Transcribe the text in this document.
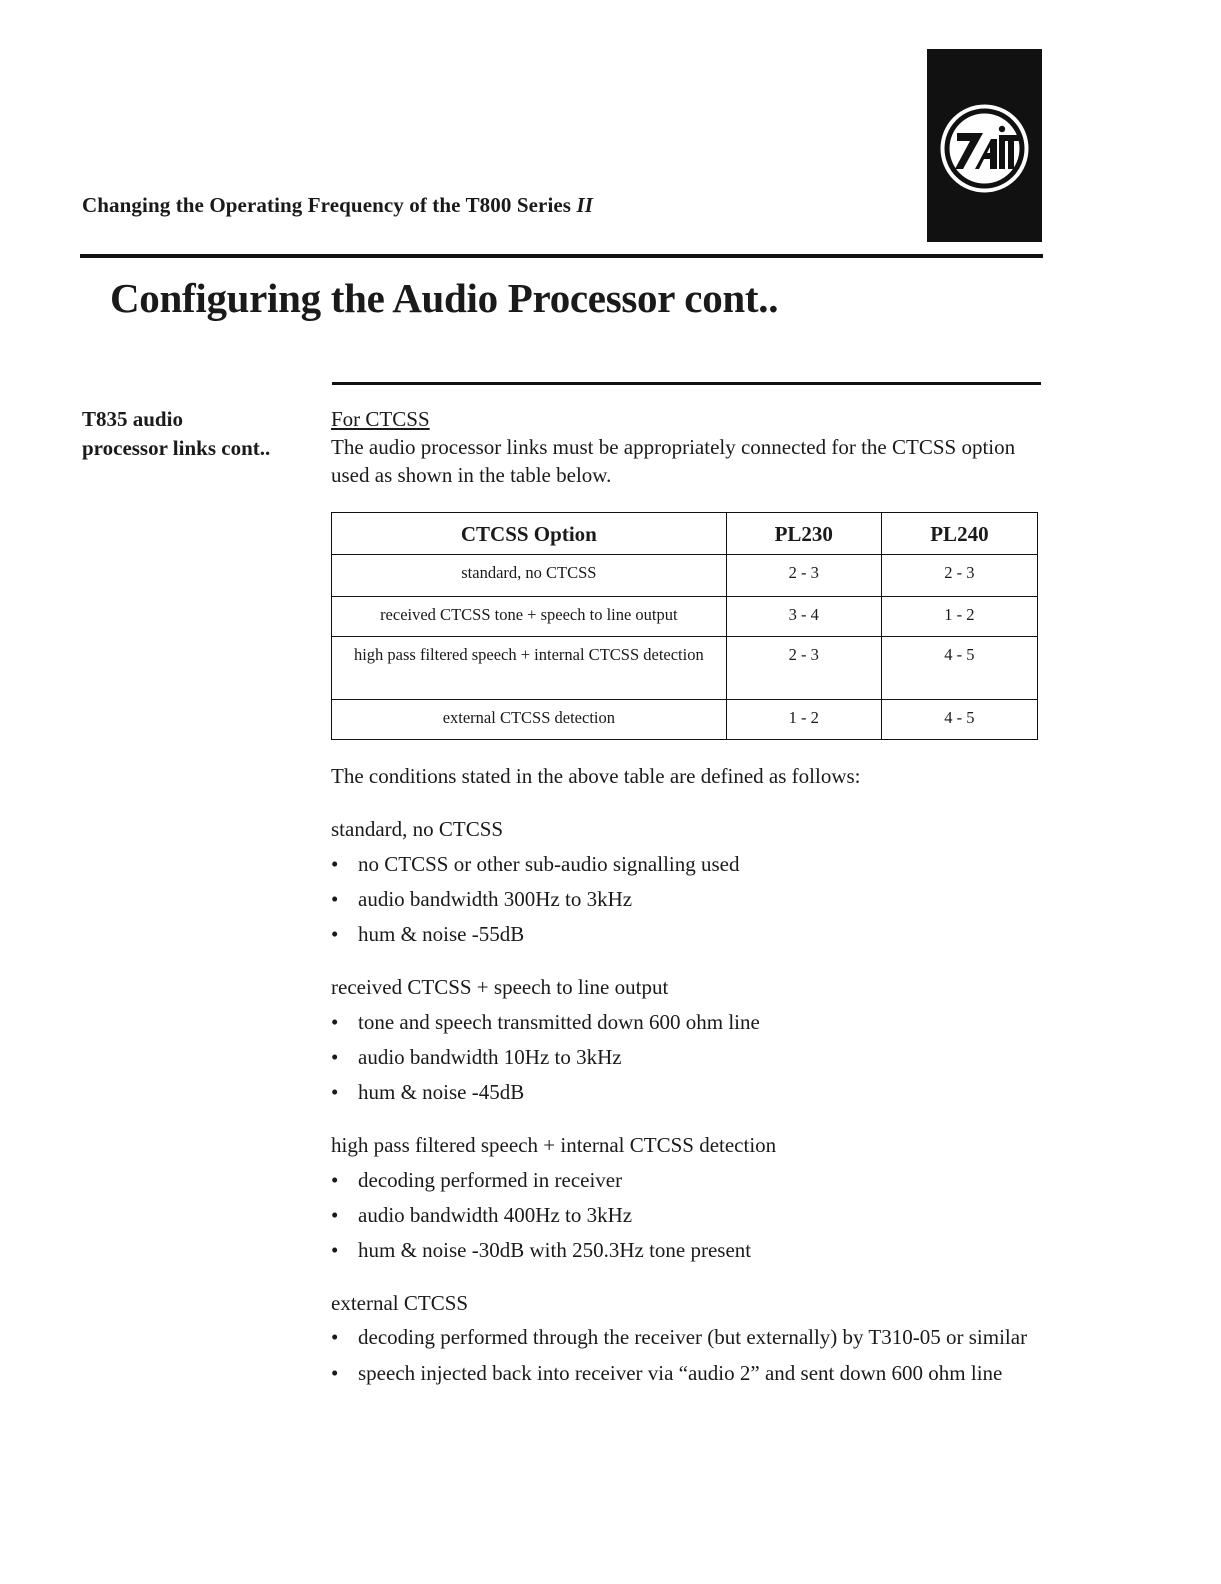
Changing the Operating Frequency of the T800 Series II
Configuring the Audio Processor cont..
T835 audio
processor links cont..
For CTCSS

The audio processor links must be appropriately connected for the CTCSS option used as shown in the table below.

CTCSS Option	PL230	PL240
standard, no CTCSS	2 - 3	2 - 3
received CTCSS tone + speech to line output	3 - 4	1 - 2

high pass filtered speech + internal CTCSS detection	2 - 3	4 - 5
external CTCSS detection	1 - 2	4 - 5

The conditions stated in the above table are defined as follows:

standard, no CTCSS

• no CTCSS or other sub-audio signalling used
• audio bandwidth 300Hz to 3kHz
• hum & noise -55dB

received CTCSS + speech to line output

• tone and speech transmitted down 600 ohm line
• audio bandwidth 10Hz to 3kHz
• hum & noise -45dB

high pass filtered speech + internal CTCSS detection

• decoding performed in receiver
• audio bandwidth 400Hz to 3kHz
• hum & noise -30dB with 250.3Hz tone present

external CTCSS

• decoding performed through the receiver (but externally) by T310-05 or similar
• speech injected back into receiver via “audio 2” and sent down 600 ohm line
